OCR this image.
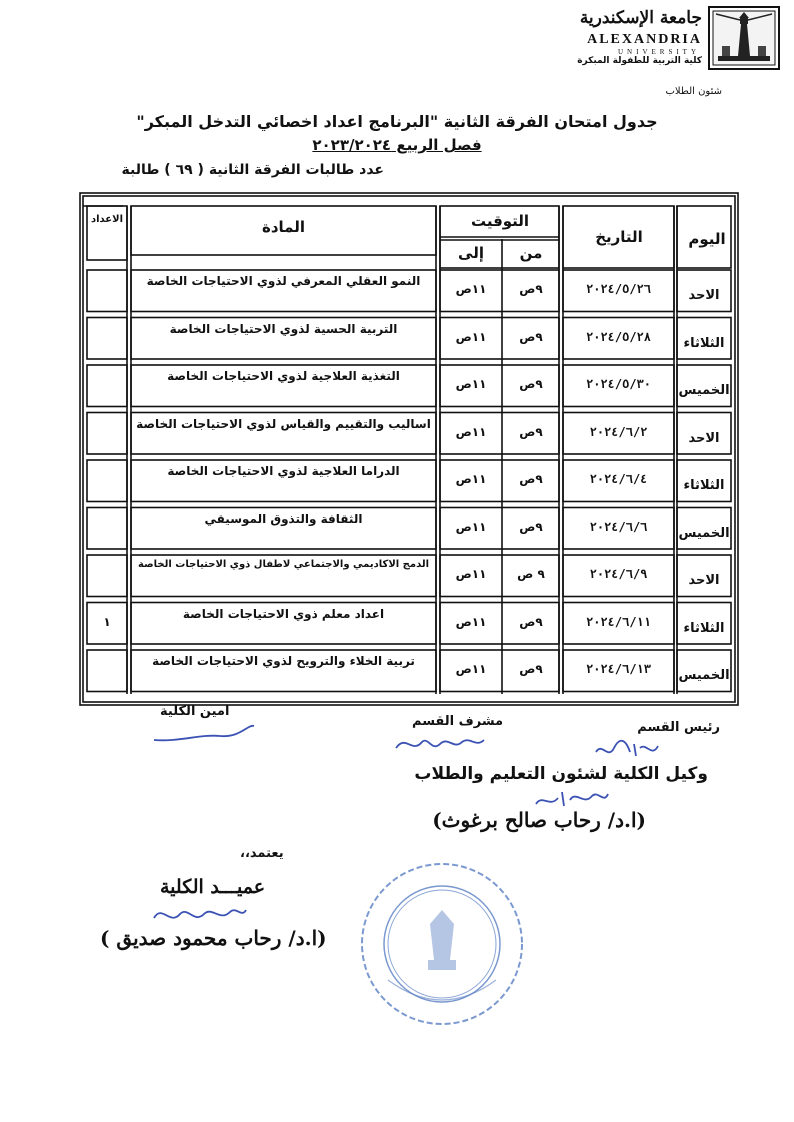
جامعة الإسكندرية
ALEXANDRIA
UNIVERSITY
كلية التربية للطفولة المبكرة
شئون الطلاب
جدول امتحان الفرقة الثانية "البرنامج اعداد اخصائي التدخل المبكر"
فصل الربيع ٢٠٢٣/٢٠٢٤
عدد طالبات الفرقة الثانية ( ٦٩ ) طالبة
اليوم
التاريخ
التوقيت
من
إلى
المادة
الاعداد
الاحد
٢٠٢٤/٥/٢٦
٩ص
١١ص
النمو العقلي المعرفي لذوي الاحتياجات الخاصة
الثلاثاء
٢٠٢٤/٥/٢٨
٩ص
١١ص
التربية الحسية لذوي الاحتياجات الخاصة
الخميس
٢٠٢٤/٥/٣٠
٩ص
١١ص
التغذية العلاجية لذوي الاحتياجات الخاصة
الاحد
٢٠٢٤/٦/٢
٩ص
١١ص
اساليب والتقييم والقياس لذوي الاحتياجات الخاصة
الثلاثاء
٢٠٢٤/٦/٤
٩ص
١١ص
الدراما العلاجية لذوي الاحتياجات الخاصة
الخميس
٢٠٢٤/٦/٦
٩ص
١١ص
الثقافة والتذوق الموسيقي
الاحد
٢٠٢٤/٦/٩
٩ ص
١١ص
الدمج الاكاديمي والاجتماعي لاطفال ذوي الاحتياجات الخاصة
الثلاثاء
٢٠٢٤/٦/١١
٩ص
١١ص
اعداد معلم ذوي الاحتياجات الخاصة
١
الخميس
٢٠٢٤/٦/١٣
٩ص
١١ص
تربية الخلاء والترويح لذوي الاحتياجات الخاصة
رئيس القسم
مشرف القسم
امين الكلية
وكيل الكلية لشئون التعليم والطلاب
(ا.د/ رحاب صالح برغوث)
يعتمد،،
عميـــد الكلية
(ا.د/ رحاب محمود صديق )
